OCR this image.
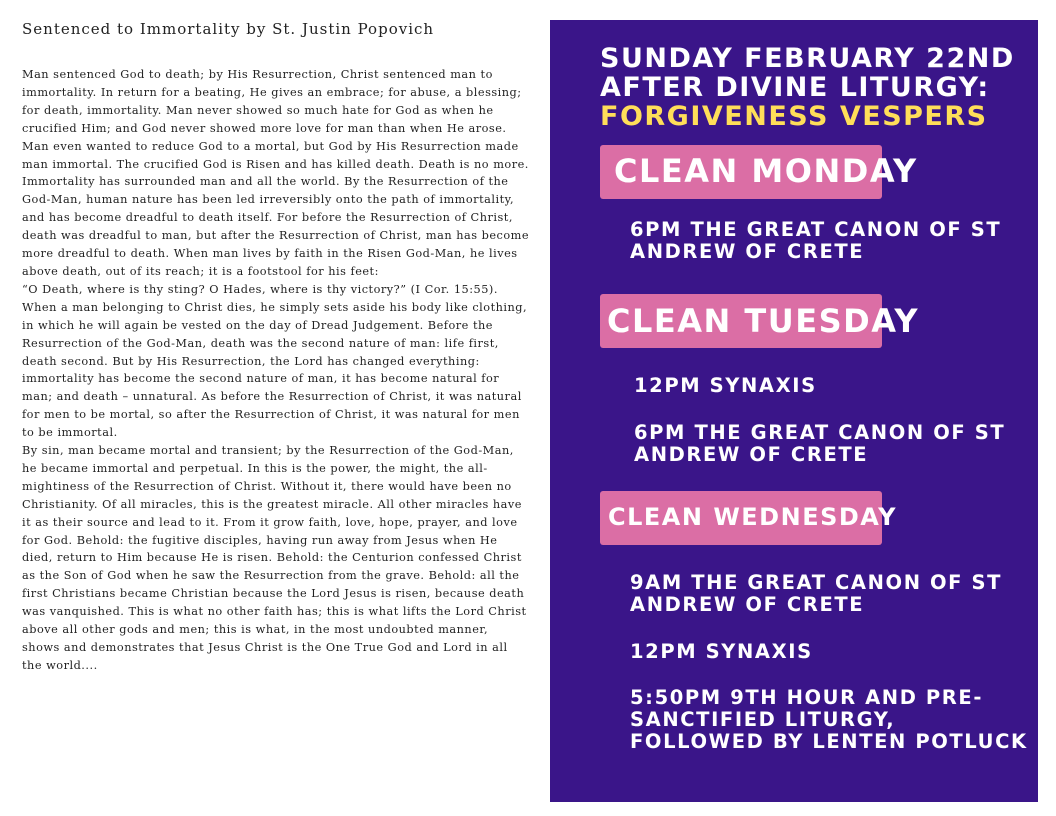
Sentenced to Immortality by St. Justin Popovich

Man sentenced God to death; by His Resurrection, Christ sentenced man to immortality. In return for a beating, He gives an embrace; for abuse, a blessing; for death, immortality. Man never showed so much hate for God as when he crucified Him; and God never showed more love for man than when He arose. Man even wanted to reduce God to a mortal, but God by His Resurrection made man immortal. The crucified God is Risen and has killed death. Death is no more. Immortality has surrounded man and all the world. By the Resurrection of the God-Man, human nature has been led irreversibly onto the path of immortality, and has become dreadful to death itself. For before the Resurrection of Christ, death was dreadful to man, but after the Resurrection of Christ, man has become more dreadful to death. When man lives by faith in the Risen God-Man, he lives above death, out of its reach; it is a footstool for his feet:

“O Death, where is thy sting? O Hades, where is thy victory?” (I Cor. 15:55). When a man belonging to Christ dies, he simply sets aside his body like clothing, in which he will again be vested on the day of Dread Judgement. Before the Resurrection of the God-Man, death was the second nature of man: life first, death second. But by His Resurrection, the Lord has changed everything: immortality has become the second nature of man, it has become natural for man; and death – unnatural. As before the Resurrection of Christ, it was natural for men to be mortal, so after the Resurrection of Christ, it was natural for men to be immortal.

By sin, man became mortal and transient; by the Resurrection of the God-Man, he became immortal and perpetual. In this is the power, the might, the all-mightiness of the Resurrection of Christ. Without it, there would have been no Christianity. Of all miracles, this is the greatest miracle. All other miracles have it as their source and lead to it. From it grow faith, love, hope, prayer, and love for God. Behold: the fugitive disciples, having run away from Jesus when He died, return to Him because He is risen. Behold: the Centurion confessed Christ as the Son of God when he saw the Resurrection from the grave. Behold: all the first Christians became Christian because the Lord Jesus is risen, because death was vanquished. This is what no other faith has; this is what lifts the Lord Christ above all other gods and men; this is what, in the most undoubted manner, shows and demonstrates that Jesus Christ is the One True God and Lord in all the world....

SUNDAY FEBRUARY 22ND
AFTER DIVINE LITURGY:
FORGIVENESS VESPERS
CLEAN MONDAY
6PM THE GREAT CANON OF ST ANDREW OF CRETE
CLEAN TUESDAY
12PM SYNAXIS
6PM THE GREAT CANON OF ST ANDREW OF CRETE
CLEAN WEDNESDAY
9AM THE GREAT CANON OF ST ANDREW OF CRETE
12PM SYNAXIS
5:50PM 9TH HOUR AND PRE-SANCTIFIED LITURGY, FOLLOWED BY LENTEN POTLUCK
